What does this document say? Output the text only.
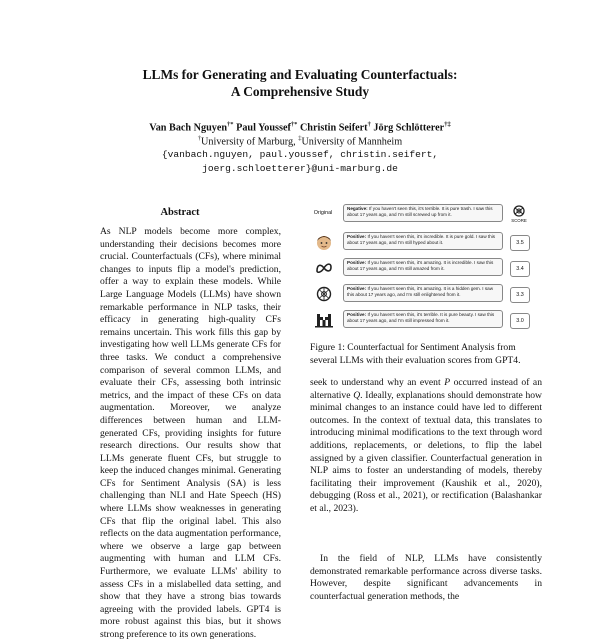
LLMs for Generating and Evaluating Counterfactuals:
A Comprehensive Study
Van Bach Nguyen†* Paul Youssef†* Christin Seifert† Jörg Schlötterer†‡
†University of Marburg, ‡University of Mannheim
{vanbach.nguyen, paul.youssef, christin.seifert,
joerg.schloetterer}@uni-marburg.de
Abstract

As NLP models become more complex, understanding their decisions becomes more crucial. Counterfactuals (CFs), where minimal changes to inputs flip a model's prediction, offer a way to explain these models. While Large Language Models (LLMs) have shown remarkable performance in NLP tasks, their efficacy in generating high-quality CFs remains uncertain. This work fills this gap by investigating how well LLMs generate CFs for three tasks. We conduct a comprehensive comparison of several common LLMs, and evaluate their CFs, assessing both intrinsic metrics, and the impact of these CFs on data augmentation. Moreover, we analyze differences between human and LLM-generated CFs, providing insights for future research directions. Our results show that LLMs generate fluent CFs, but struggle to keep the induced changes minimal. Generating CFs for Sentiment Analysis (SA) is less challenging than NLI and Hate Speech (HS) where LLMs show weaknesses in generating CFs that flip the original label. This also reflects on the data augmentation performance, where we observe a large gap between augmenting with human and LLM CFs. Furthermore, we evaluate LLMs' ability to assess CFs in a mislabelled data setting, and show that they have a strong bias towards agreeing with the provided labels. GPT4 is more robust against this bias, but it shows strong preference to its own generations.

Original
Negative: If you haven't seen this, it's terrible. It is pure trash. I saw this about 17 years ago, and I'm still screwed up from it.
SCORE
Positive: If you haven't seen this, it's incredible. It is pure gold. I saw this about 17 years ago, and I'm still hyped about it.	3.5
Positive: If you haven't seen this, it's amazing. It is incredible. I saw this about 17 years ago, and I'm still amazed from it.	3.4
Positive: If you haven't seen this, it's amazing. It is a hidden gem. I saw this about 17 years ago, and I'm still enlightened from it.	3.3
Positive: If you haven't seen this, it's terrible. It is pure beauty. I saw this about 17 years ago, and I'm still impressed from it.	3.0

Figure 1: Counterfactual for Sentiment Analysis from several LLMs with their evaluation scores from GPT4.

seek to understand why an event P occurred instead of an alternative Q. Ideally, explanations should demonstrate how minimal changes to an instance could have led to different outcomes. In the context of textual data, this translates to introducing minimal modifications to the text through word additions, replacements, or deletions, to flip the label assigned by a given classifier. Counterfactual generation in NLP aims to foster an understanding of models, thereby facilitating their improvement (Kaushik et al., 2020), debugging (Ross et al., 2021), or rectification (Balashankar et al., 2023).

In the field of NLP, LLMs have consistently demonstrated remarkable performance across diverse tasks. However, despite significant advancements in counterfactual generation methods, the
